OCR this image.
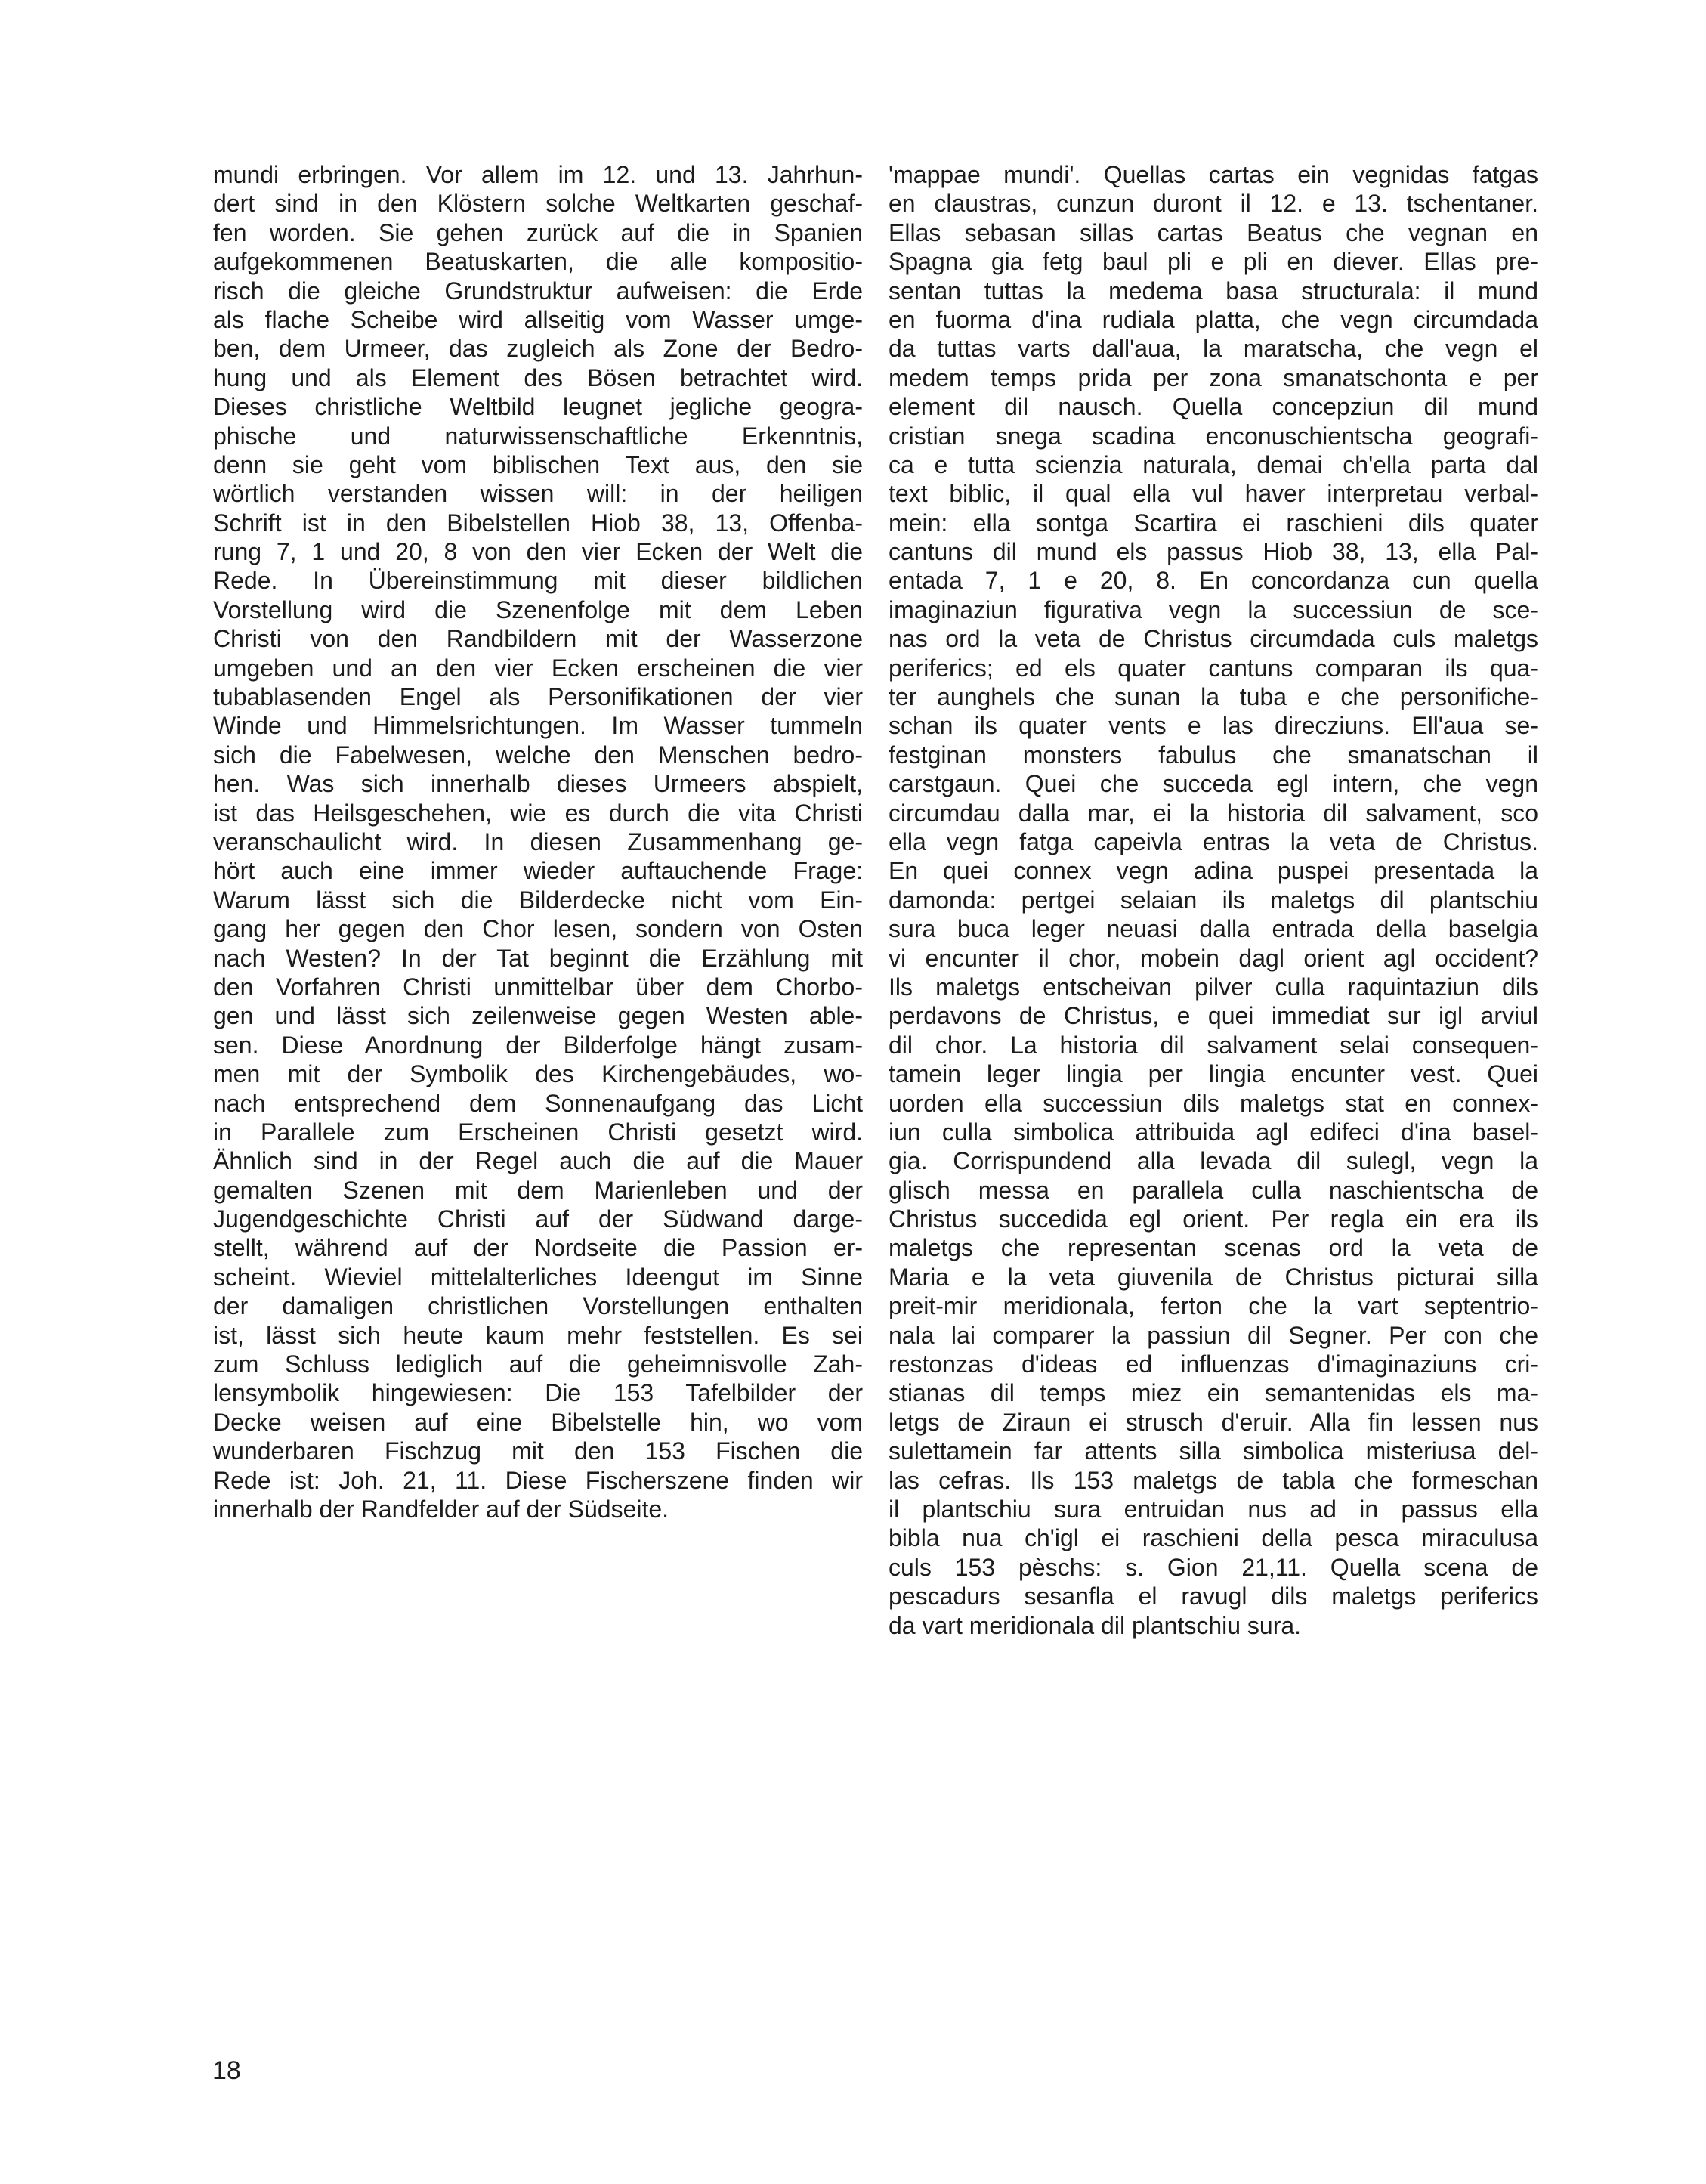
mundi erbringen. Vor allem im 12. und 13. Jahrhun-
dert sind in den Klöstern solche Weltkarten geschaf-
fen worden. Sie gehen zurück auf die in Spanien
aufgekommenen Beatuskarten, die alle kompositio-
risch die gleiche Grundstruktur aufweisen: die Erde
als flache Scheibe wird allseitig vom Wasser umge-
ben, dem Urmeer, das zugleich als Zone der Bedro-
hung und als Element des Bösen betrachtet wird.
Dieses christliche Weltbild leugnet jegliche geogra-
phische und naturwissenschaftliche Erkenntnis,
denn sie geht vom biblischen Text aus, den sie
wörtlich verstanden wissen will: in der heiligen
Schrift ist in den Bibelstellen Hiob 38, 13, Offenba-
rung 7, 1 und 20, 8 von den vier Ecken der Welt die
Rede. In Übereinstimmung mit dieser bildlichen
Vorstellung wird die Szenenfolge mit dem Leben
Christi von den Randbildern mit der Wasserzone
umgeben und an den vier Ecken erscheinen die vier
tubablasenden Engel als Personifikationen der vier
Winde und Himmelsrichtungen. Im Wasser tummeln
sich die Fabelwesen, welche den Menschen bedro-
hen. Was sich innerhalb dieses Urmeers abspielt,
ist das Heilsgeschehen, wie es durch die vita Christi
veranschaulicht wird. In diesen Zusammenhang ge-
hört auch eine immer wieder auftauchende Frage:
Warum lässt sich die Bilderdecke nicht vom Ein-
gang her gegen den Chor lesen, sondern von Osten
nach Westen? In der Tat beginnt die Erzählung mit
den Vorfahren Christi unmittelbar über dem Chorbo-
gen und lässt sich zeilenweise gegen Westen able-
sen. Diese Anordnung der Bilderfolge hängt zusam-
men mit der Symbolik des Kirchengebäudes, wo-
nach entsprechend dem Sonnenaufgang das Licht
in Parallele zum Erscheinen Christi gesetzt wird.
Ähnlich sind in der Regel auch die auf die Mauer
gemalten Szenen mit dem Marienleben und der
Jugendgeschichte Christi auf der Südwand darge-
stellt, während auf der Nordseite die Passion er-
scheint. Wieviel mittelalterliches Ideengut im Sinne
der damaligen christlichen Vorstellungen enthalten
ist, lässt sich heute kaum mehr feststellen. Es sei
zum Schluss lediglich auf die geheimnisvolle Zah-
lensymbolik hingewiesen: Die 153 Tafelbilder der
Decke weisen auf eine Bibelstelle hin, wo vom
wunderbaren Fischzug mit den 153 Fischen die
Rede ist: Joh. 21, 11. Diese Fischerszene finden wir
innerhalb der Randfelder auf der Südseite.
'mappae mundi'. Quellas cartas ein vegnidas fatgas
en claustras, cunzun duront il 12. e 13. tschentaner.
Ellas sebasan sillas cartas Beatus che vegnan en
Spagna gia fetg baul pli e pli en diever. Ellas pre-
sentan tuttas la medema basa structurala: il mund
en fuorma d'ina rudiala platta, che vegn circumdada
da tuttas varts dall'aua, la maratscha, che vegn el
medem temps prida per zona smanatschonta e per
element dil nausch. Quella concepziun dil mund
cristian snega scadina enconuschientscha geografi-
ca e tutta scienzia naturala, demai ch'ella parta dal
text biblic, il qual ella vul haver interpretau verbal-
mein: ella sontga Scartira ei raschieni dils quater
cantuns dil mund els passus Hiob 38, 13, ella Pal-
entada 7, 1 e 20, 8. En concordanza cun quella
imaginaziun figurativa vegn la successiun de sce-
nas ord la veta de Christus circumdada culs maletgs
periferics; ed els quater cantuns comparan ils qua-
ter aunghels che sunan la tuba e che personifiche-
schan ils quater vents e las direcziuns. Ell'aua se-
festginan monsters fabulus che smanatschan il
carstgaun. Quei che succeda egl intern, che vegn
circumdau dalla mar, ei la historia dil salvament, sco
ella vegn fatga capeivla entras la veta de Christus.
En quei connex vegn adina puspei presentada la
damonda: pertgei selaian ils maletgs dil plantschiu
sura buca leger neuasi dalla entrada della baselgia
vi encunter il chor, mobein dagl orient agl occident?
Ils maletgs entscheivan pilver culla raquintaziun dils
perdavons de Christus, e quei immediat sur igl arviul
dil chor. La historia dil salvament selai consequen-
tamein leger lingia per lingia encunter vest. Quei
uorden ella successiun dils maletgs stat en connex-
iun culla simbolica attribuida agl edifeci d'ina basel-
gia. Corrispundend alla levada dil sulegl, vegn la
glisch messa en parallela culla naschientscha de
Christus succedida egl orient. Per regla ein era ils
maletgs che representan scenas ord la veta de
Maria e la veta giuvenila de Christus picturai silla
preit-mir meridionala, ferton che la vart septentrio-
nala lai comparer la passiun dil Segner. Per con che
restonzas d'ideas ed influenzas d'imaginaziuns cri-
stianas dil temps miez ein semantenidas els ma-
letgs de Ziraun ei strusch d'eruir. Alla fin lessen nus
sulettamein far attents silla simbolica misteriusa del-
las cefras. Ils 153 maletgs de tabla che formeschan
il plantschiu sura entruidan nus ad in passus ella
bibla nua ch'igl ei raschieni della pesca miraculusa
culs 153 pèschs: s. Gion 21,11. Quella scena de
pescadurs sesanfla el ravugl dils maletgs periferics
da vart meridionala dil plantschiu sura.
18
